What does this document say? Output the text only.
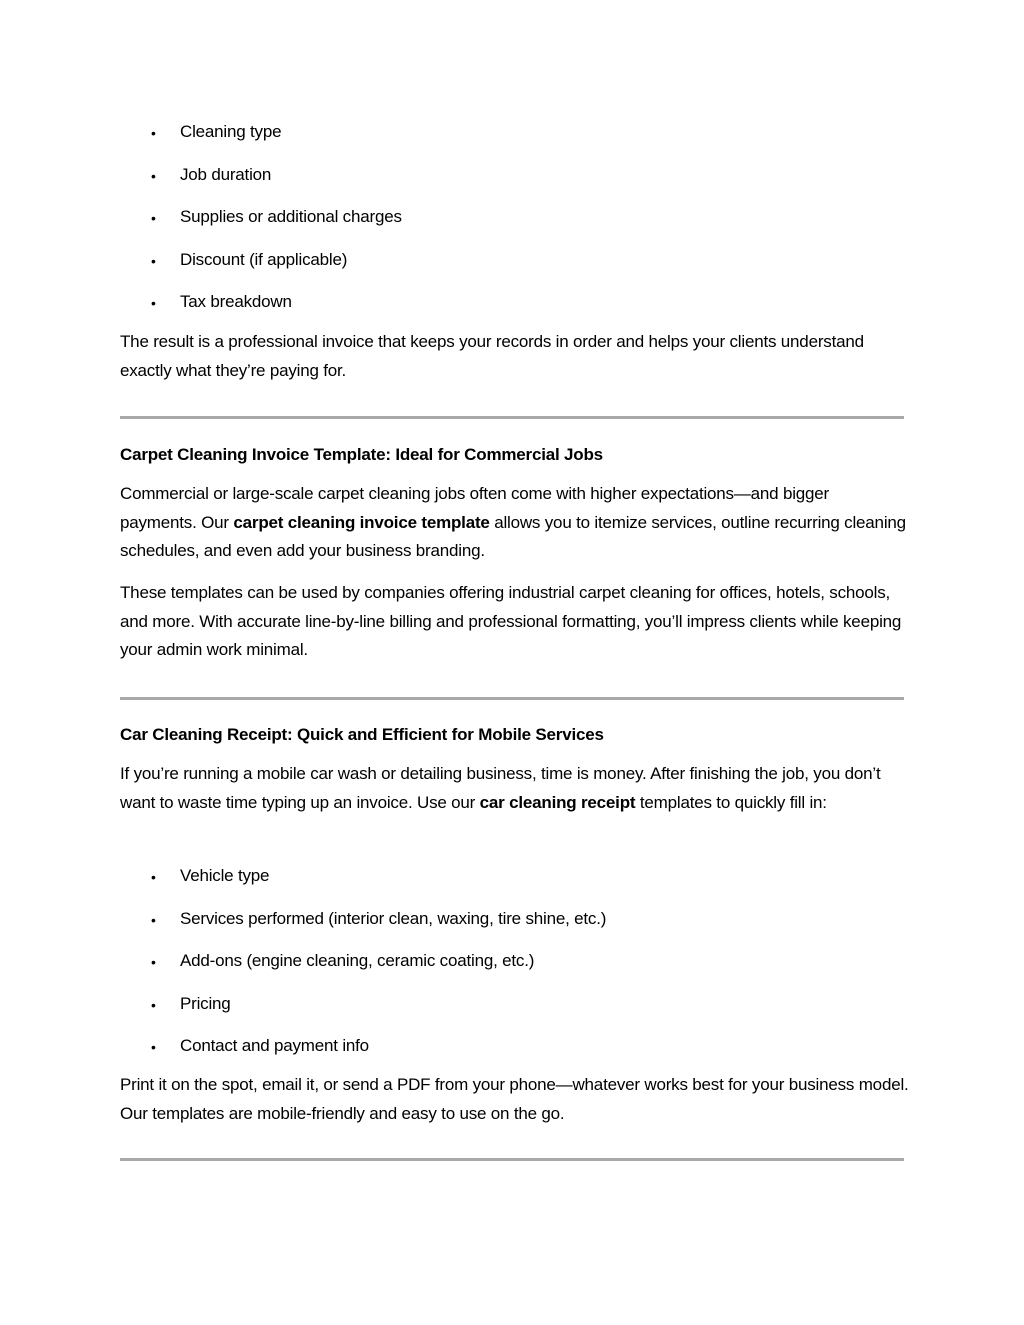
• Cleaning type
• Job duration
• Supplies or additional charges
• Discount (if applicable)
• Tax breakdown

The result is a professional invoice that keeps your records in order and helps your clients understand exactly what they’re paying for.

Carpet Cleaning Invoice Template: Ideal for Commercial Jobs

Commercial or large-scale carpet cleaning jobs often come with higher expectations—and bigger payments. Our carpet cleaning invoice template allows you to itemize services, outline recurring cleaning schedules, and even add your business branding.

These templates can be used by companies offering industrial carpet cleaning for offices, hotels, schools, and more. With accurate line-by-line billing and professional formatting, you’ll impress clients while keeping your admin work minimal.

Car Cleaning Receipt: Quick and Efficient for Mobile Services

If you’re running a mobile car wash or detailing business, time is money. After finishing the job, you don’t want to waste time typing up an invoice. Use our car cleaning receipt templates to quickly fill in:

• Vehicle type
• Services performed (interior clean, waxing, tire shine, etc.)
• Add-ons (engine cleaning, ceramic coating, etc.)
• Pricing
• Contact and payment info

Print it on the spot, email it, or send a PDF from your phone—whatever works best for your business model. Our templates are mobile-friendly and easy to use on the go.
